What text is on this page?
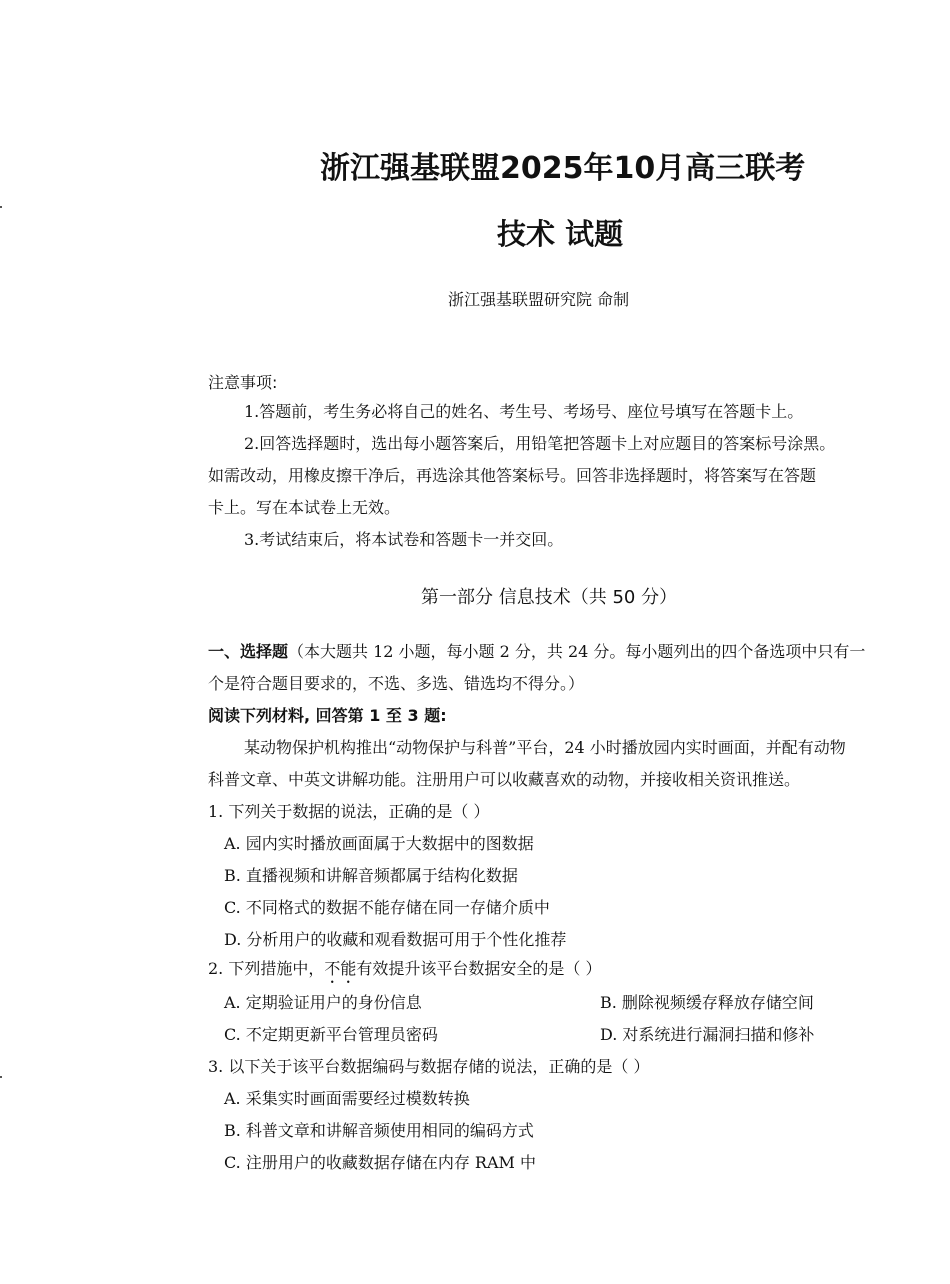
浙江强基联盟2025年10月高三联考
技术 试题
浙江强基联盟研究院 命制
注意事项:
1.答题前，考生务必将自己的姓名、考生号、考场号、座位号填写在答题卡上。
2.回答选择题时，选出每小题答案后，用铅笔把答题卡上对应题目的答案标号涂黑。
如需改动，用橡皮擦干净后，再选涂其他答案标号。回答非选择题时，将答案写在答题
卡上。写在本试卷上无效。
3.考试结束后，将本试卷和答题卡一并交回。
第一部分 信息技术（共 50 分）
一、选择题（本大题共 12 小题，每小题 2 分，共 24 分。每小题列出的四个备选项中只有一
个是符合题目要求的，不选、多选、错选均不得分。）
阅读下列材料, 回答第 1 至 3 题:
某动物保护机构推出“动物保护与科普”平台，24 小时播放园内实时画面，并配有动物
科普文章、中英文讲解功能。注册用户可以收藏喜欢的动物，并接收相关资讯推送。
1. 下列关于数据的说法，正确的是（ ）
A. 园内实时播放画面属于大数据中的图数据
B. 直播视频和讲解音频都属于结构化数据
C. 不同格式的数据不能存储在同一存储介质中
D. 分析用户的收藏和观看数据可用于个性化推荐
2. 下列措施中，不能有效提升该平台数据安全的是（ ）
A. 定期验证用户的身份信息	B. 删除视频缓存释放存储空间
C. 不定期更新平台管理员密码	D. 对系统进行漏洞扫描和修补
3. 以下关于该平台数据编码与数据存储的说法，正确的是（ ）
A. 采集实时画面需要经过模数转换
B. 科普文章和讲解音频使用相同的编码方式
C. 注册用户的收藏数据存储在内存 RAM 中
